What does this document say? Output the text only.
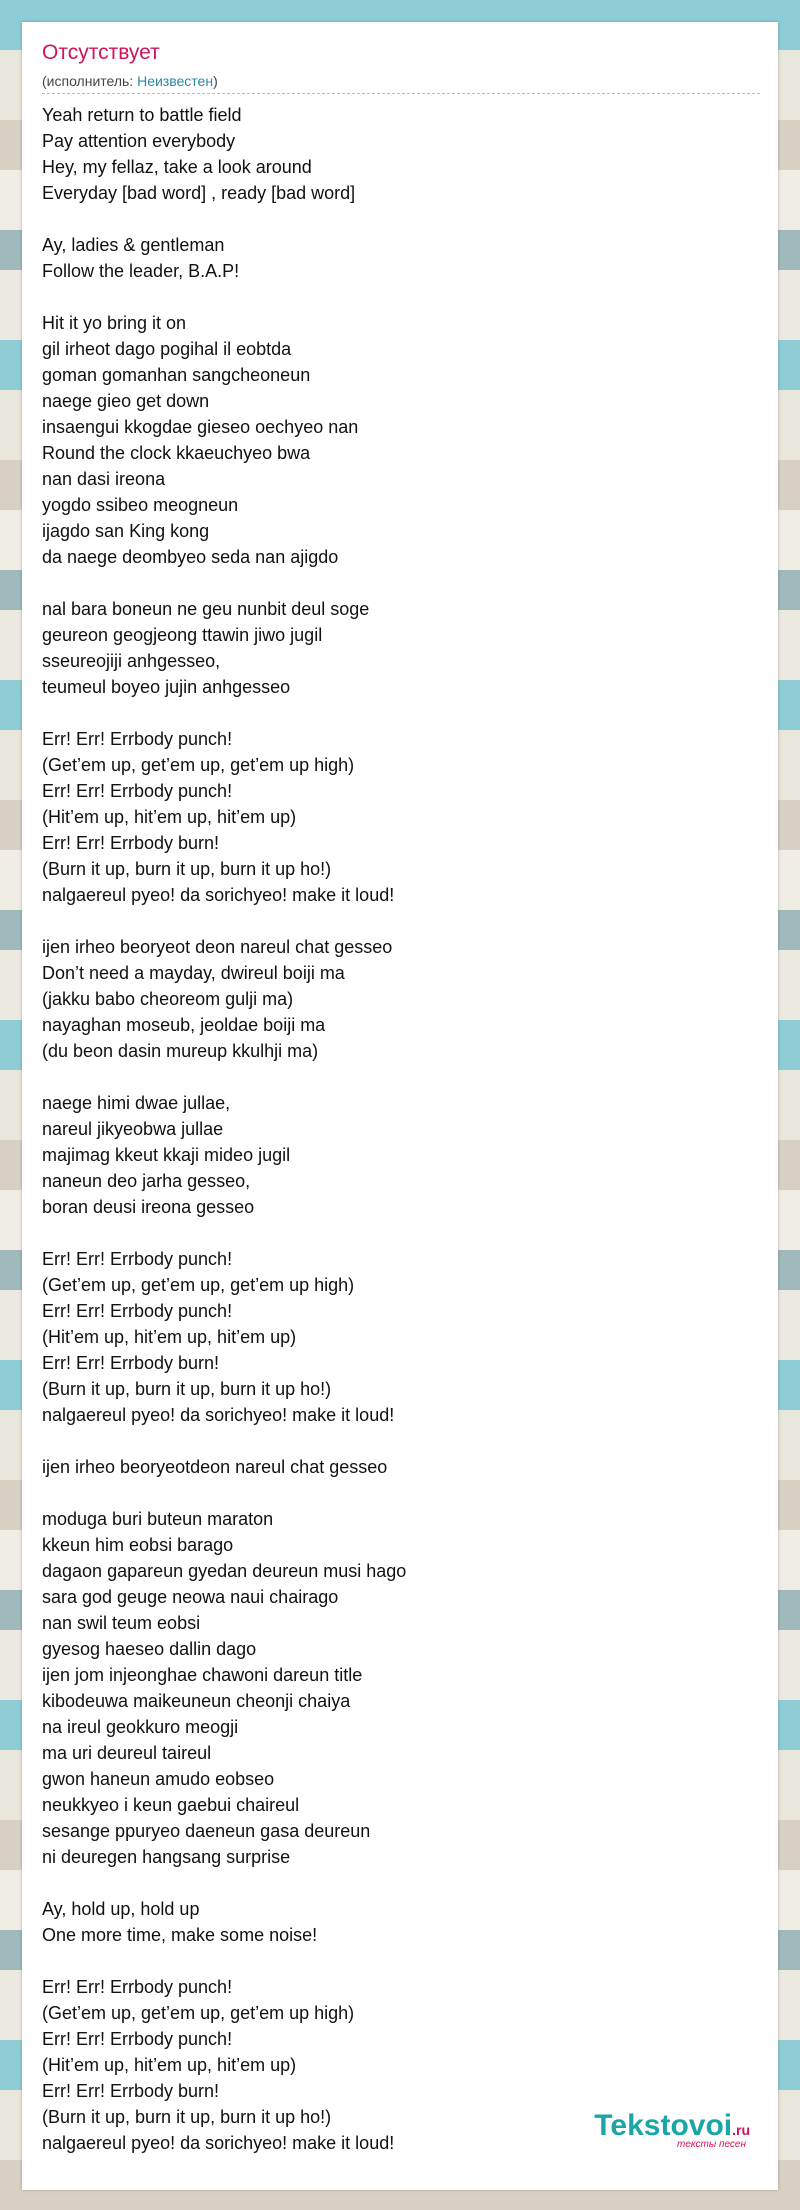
Отсутствует
(исполнитель: Неизвестен)
Yeah return to battle field
Pay attention everybody
Hey, my fellaz, take a look around
Everyday [bad word] , ready [bad word]
Ay, ladies & gentleman
Follow the leader, B.A.P!
Hit it yo bring it on
gil irheot dago pogihal il eobtda
goman gomanhan sangcheoneun
naege gieo get down
insaengui kkogdae gieseo oechyeo nan
Round the clock kkaeuchyeo bwa
nan dasi ireona
yogdo ssibeo meogneun
ijagdo san King kong
da naege deombyeo seda nan ajigdo
nal bara boneun ne geu nunbit deul soge
geureon geogjeong ttawin jiwo jugil
sseureojiji anhgesseo,
teumeul boyeo jujin anhgesseo
Err! Err! Errbody punch!
(Get’em up, get’em up, get’em up high)
Err! Err! Errbody punch!
(Hit’em up, hit’em up, hit’em up)
Err! Err! Errbody burn!
(Burn it up, burn it up, burn it up ho!)
nalgaereul pyeo! da sorichyeo! make it loud!
ijen irheo beoryeot deon nareul chat gesseo
Don’t need a mayday, dwireul boiji ma
(jakku babo cheoreom gulji ma)
nayaghan moseub, jeoldae boiji ma
(du beon dasin mureup kkulhji ma)
naege himi dwae jullae,
nareul jikyeobwa jullae
majimag kkeut kkaji mideo jugil
naneun deo jarha gesseo,
boran deusi ireona gesseo
Err! Err! Errbody punch!
(Get’em up, get’em up, get’em up high)
Err! Err! Errbody punch!
(Hit’em up, hit’em up, hit’em up)
Err! Err! Errbody burn!
(Burn it up, burn it up, burn it up ho!)
nalgaereul pyeo! da sorichyeo! make it loud!
ijen irheo beoryeotdeon nareul chat gesseo
moduga buri buteun maraton
kkeun him eobsi barago
dagaon gapareun gyedan deureun musi hago
sara god geuge neowa naui chairago
nan swil teum eobsi
gyesog haeseo dallin dago
ijen jom injeonghae chawoni dareun title
kibodeuwa maikeuneun cheonji chaiya
na ireul geokkuro meogji
ma uri deureul taireul
gwon haneun amudo eobseo
neukkyeo i keun gaebui chaireul
sesange ppuryeo daeneun gasa deureun
ni deuregen hangsang surprise
Ay, hold up, hold up
One more time, make some noise!
Err! Err! Errbody punch!
(Get’em up, get’em up, get’em up high)
Err! Err! Errbody punch!
(Hit’em up, hit’em up, hit’em up)
Err! Err! Errbody burn!
(Burn it up, burn it up, burn it up ho!)
nalgaereul pyeo! da sorichyeo! make it loud!
Tekstovoi.ru
тексты песен
